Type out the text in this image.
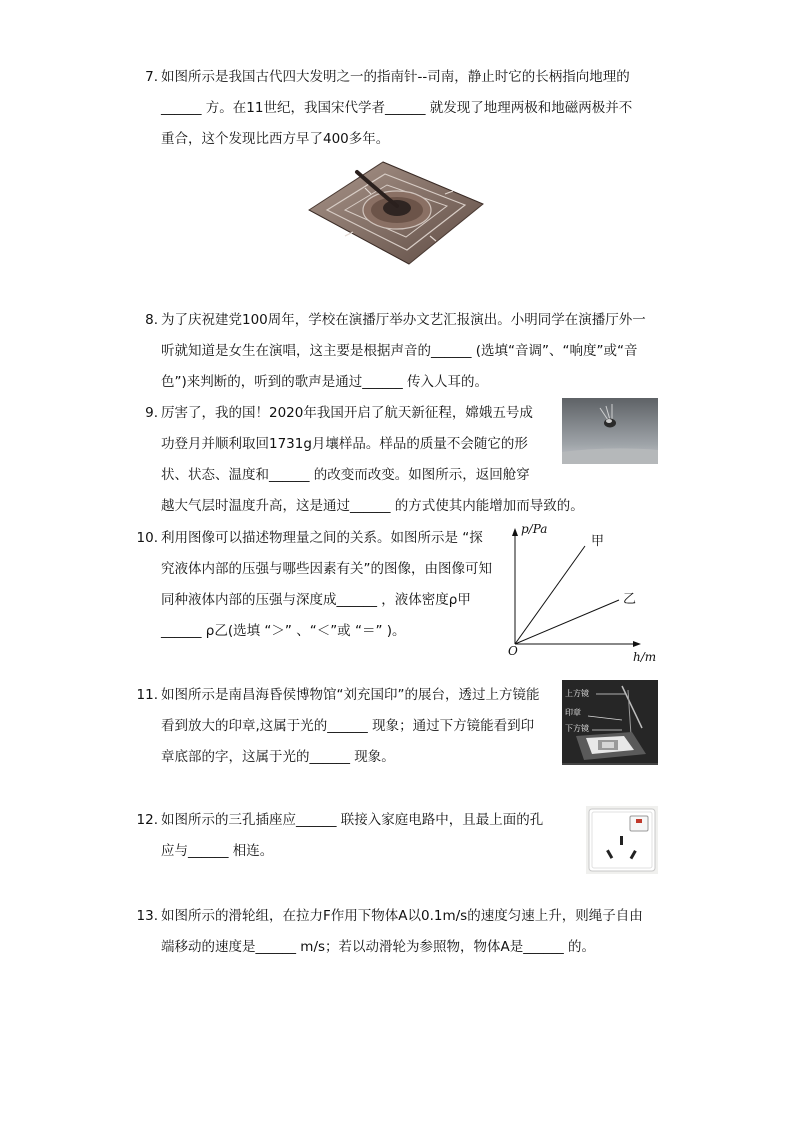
7. 如图所示是我国古代四大发明之一的指南针--司南，静止时它的长柄指向地理的
______ 方。在11世纪，我国宋代学者______ 就发现了地理两极和地磁两极并不
重合，这个发现比西方早了400多年。
8. 为了庆祝建党100周年，学校在演播厅举办文艺汇报演出。小明同学在演播厅外一
听就知道是女生在演唱，这主要是根据声音的______ (选填“音调”、“响度”或“音
色”)来判断的，听到的歌声是通过______ 传入人耳的。
9. 厉害了，我的国！2020年我国开启了航天新征程，嫦娥五号成
功登月并顺利取回1731g月壤样品。样品的质量不会随它的形
状、状态、温度和______ 的改变而改变。如图所示，返回舱穿
越大气层时温度升高，这是通过______ 的方式使其内能增加而导致的。
10. 利用图像可以描述物理量之间的关系。如图所示是 “探
究液体内部的压强与哪些因素有关”的图像，由图像可知
同种液体内部的压强与深度成______ ，液体密度ρ甲
______ ρ乙(选填 “＞” 、“＜”或 “＝” )。
p/Pa
甲
乙
O	h/m
11. 如图所示是南昌海昏侯博物馆“刘充国印”的展台，透过上方镜能
看到放大的印章,这属于光的______ 现象；通过下方镜能看到印
章底部的字，这属于光的______ 现象。
上方镜
印章
下方镜
12. 如图所示的三孔插座应______ 联接入家庭电路中，且最上面的孔
应与______ 相连。
13. 如图所示的滑轮组，在拉力F作用下物体A以0.1m/s的速度匀速上升，则绳子自由
端移动的速度是______ m/s；若以动滑轮为参照物，物体A是______ 的。
